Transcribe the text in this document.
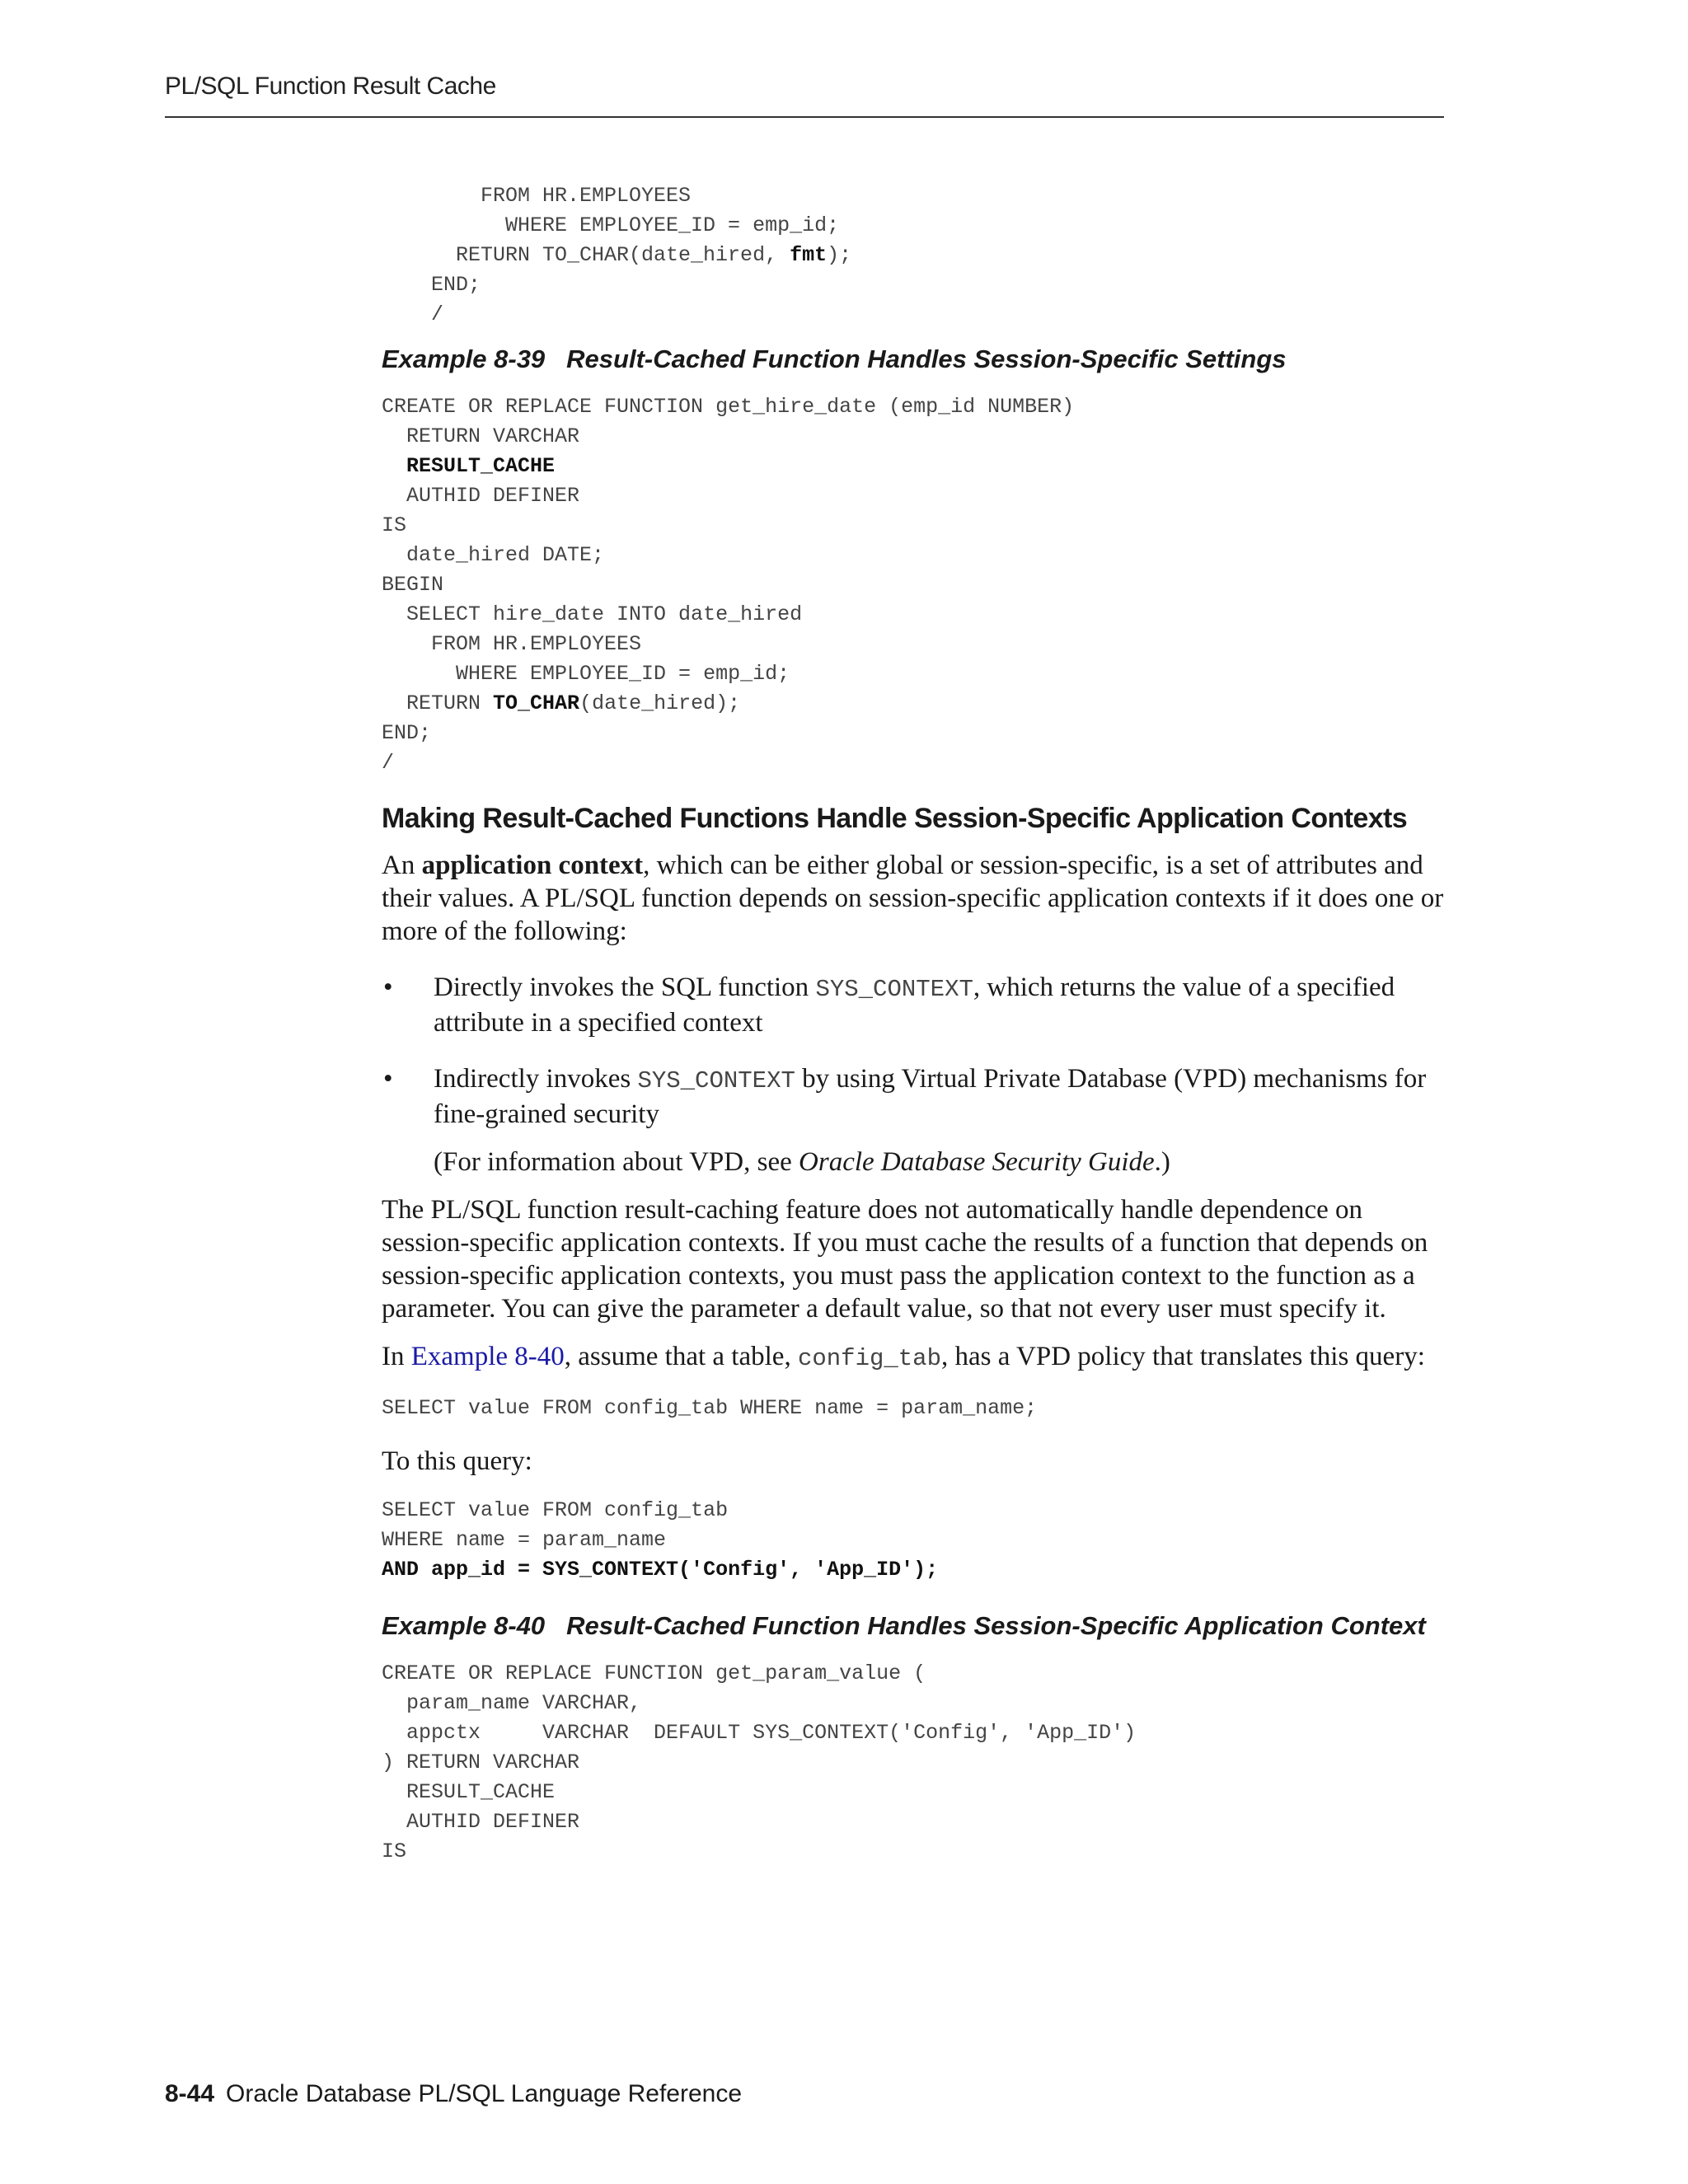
PL/SQL Function Result Cache
FROM HR.EMPLOYEES
WHERE EMPLOYEE_ID = emp_id;
RETURN TO_CHAR(date_hired, fmt);
END;
/

Example 8-39 Result-Cached Function Handles Session-Specific Settings

CREATE OR REPLACE FUNCTION get_hire_date (emp_id NUMBER)
RETURN VARCHAR
RESULT_CACHE
AUTHID DEFINER
IS
date_hired DATE;
BEGIN
SELECT hire_date INTO date_hired
FROM HR.EMPLOYEES
WHERE EMPLOYEE_ID = emp_id;
RETURN TO_CHAR(date_hired);
END;
/
Making Result-Cached Functions Handle Session-Specific Application Contexts

An application context, which can be either global or session-specific, is a set of attributes and their values. A PL/SQL function depends on session-specific application contexts if it does one or more of the following:

• Directly invokes the SQL function SYS_CONTEXT, which returns the value of a specified attribute in a specified context
• Indirectly invokes SYS_CONTEXT by using Virtual Private Database (VPD) mechanisms for fine-grained security

(For information about VPD, see Oracle Database Security Guide.)

The PL/SQL function result-caching feature does not automatically handle dependence on session-specific application contexts. If you must cache the results of a function that depends on session-specific application contexts, you must pass the application context to the function as a parameter. You can give the parameter a default value, so that not every user must specify it.

In Example 8-40, assume that a table, config_tab, has a VPD policy that translates this query:

SELECT value FROM config_tab WHERE name = param_name;

To this query:

SELECT value FROM config_tab
WHERE name = param_name
AND app_id = SYS_CONTEXT('Config', 'App_ID');

Example 8-40 Result-Cached Function Handles Session-Specific Application Context

CREATE OR REPLACE FUNCTION get_param_value (
param_name VARCHAR,
appctx     VARCHAR  DEFAULT SYS_CONTEXT('Config', 'App_ID')
) RETURN VARCHAR
RESULT_CACHE
AUTHID DEFINER
IS
8-44 Oracle Database PL/SQL Language Reference
